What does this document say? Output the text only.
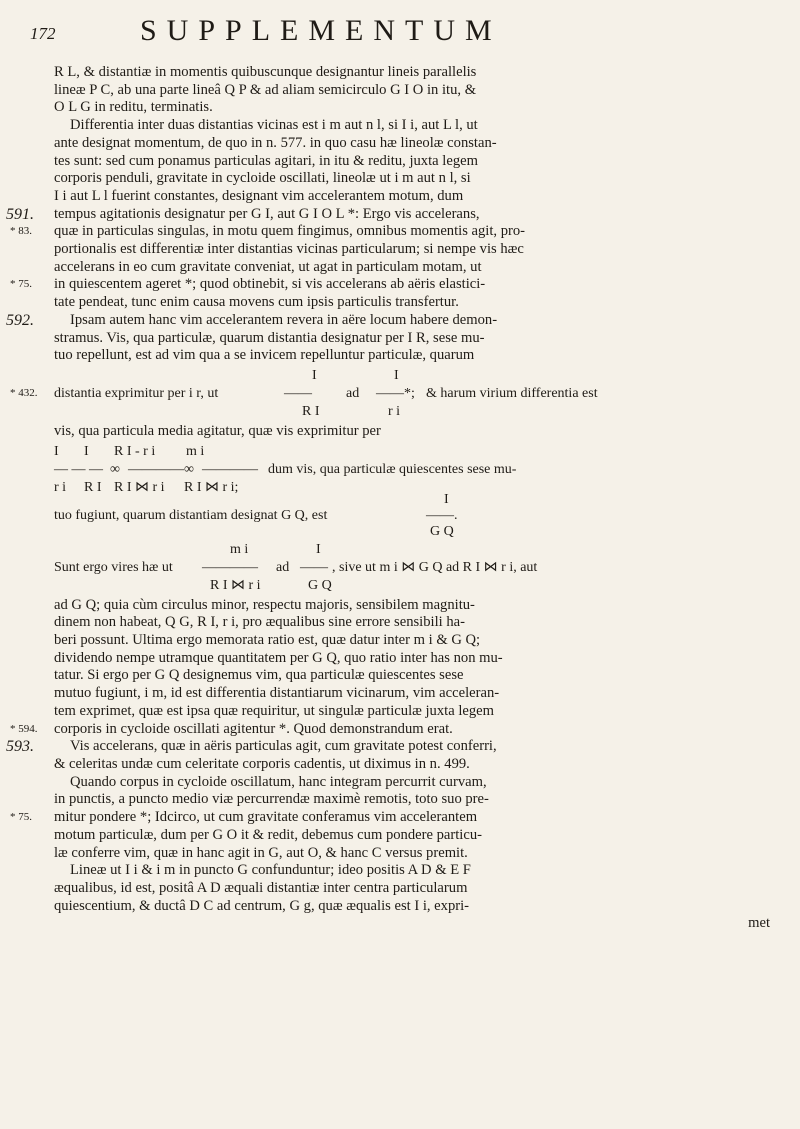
172	SUPPLEMENTUM

R L, & distantiæ in momentis quibuscunque designantur lineis parallelis

lineæ P C, ab una parte lineâ Q P & ad aliam semicirculo G I O in itu, &

O L G in reditu, terminatis.

Differentia inter duas distantias vicinas est i m aut n l, si I i, aut L l, ut

ante designat momentum, de quo in n. 577. in quo casu hæ lineolæ constan-

tes sunt: sed cum ponamus particulas agitari, in itu & reditu, juxta legem

corporis penduli, gravitate in cycloide oscillati, lineolæ ut i m aut n l, si

I i aut L l fuerint constantes, designant vim accelerantem motum, dum

591. tempus agitationis designatur per G I, aut G I O L *: Ergo vis accelerans,

* 83. quæ in particulas singulas, in motu quem fingimus, omnibus momentis agit, pro-

portionalis est differentiæ inter distantias vicinas particularum; si nempe vis hæc

accelerans in eo cum gravitate conveniat, ut agat in particulam motam, ut

* 75. in quiescentem ageret *; quod obtinebit, si vis accelerans ab aëris elastici-

tate pendeat, tunc enim causa movens cum ipsis particulis transfertur.

592.	Ipsam autem hanc vim accelerantem revera in aëre locum habere demon-

stramus. Vis, qua particulæ, quarum distantia designatur per I R, sese mu-

tuo repellunt, est ad vim qua a se invicem repelluntur particulæ, quarum

* 432. distantia exprimitur per i r, ut
I
——
R I
ad
I
——*;
r i
& harum virium differentia est

vis, qua particula media agitatur, quæ vis exprimitur per

I I R I - r i m i
— — — ∞	∞
———— ———— dum vis, qua particulæ quiescentes sese mu-
r i R I R I ⋈ r i R I ⋈ r i;
tuo fugiunt, quarum distantiam designat G Q, est
I
——.
G Q
Sunt ergo vires hæ ut
m i
————
R I ⋈ r i
ad
I
——
G Q
, sive ut m i ⋈ G Q ad R I ⋈ r i, aut

ad G Q; quia cùm circulus minor, respectu majoris, sensibilem magnitu-

dinem non habeat, Q G, R I, r i, pro æqualibus sine errore sensibili ha-

beri possunt. Ultima ergo memorata ratio est, quæ datur inter m i & G Q;

dividendo nempe utramque quantitatem per G Q, quo ratio inter has non mu-

tatur. Si ergo per G Q designemus vim, qua particulæ quiescentes sese

mutuo fugiunt, i m, id est differentia distantiarum vicinarum, vim acceleran-

tem exprimet, quæ est ipsa quæ requiritur, ut singulæ particulæ juxta legem

* 594. corporis in cycloide oscillati agitentur *. Quod demonstrandum erat.

593.	Vis accelerans, quæ in aëris particulas agit, cum gravitate potest conferri,

& celeritas undæ cum celeritate corporis cadentis, ut diximus in n. 499.

Quando corpus in cycloide oscillatum, hanc integram percurrit curvam,

in punctis, a puncto medio viæ percurrendæ maximè remotis, toto suo pre-

* 75. mitur pondere *; Idcirco, ut cum gravitate conferamus vim accelerantem

motum particulæ, dum per G O it & redit, debemus cum pondere particu-

læ conferre vim, quæ in hanc agit in G, aut O, & hanc C versus premit.

Lineæ ut I i & i m in puncto G confunduntur; ideo positis A D & E F

æqualibus, id est, positâ A D æquali distantiæ inter centra particularum

quiescentium, & ductâ D C ad centrum, G g, quæ æqualis est I i, expri-

met
